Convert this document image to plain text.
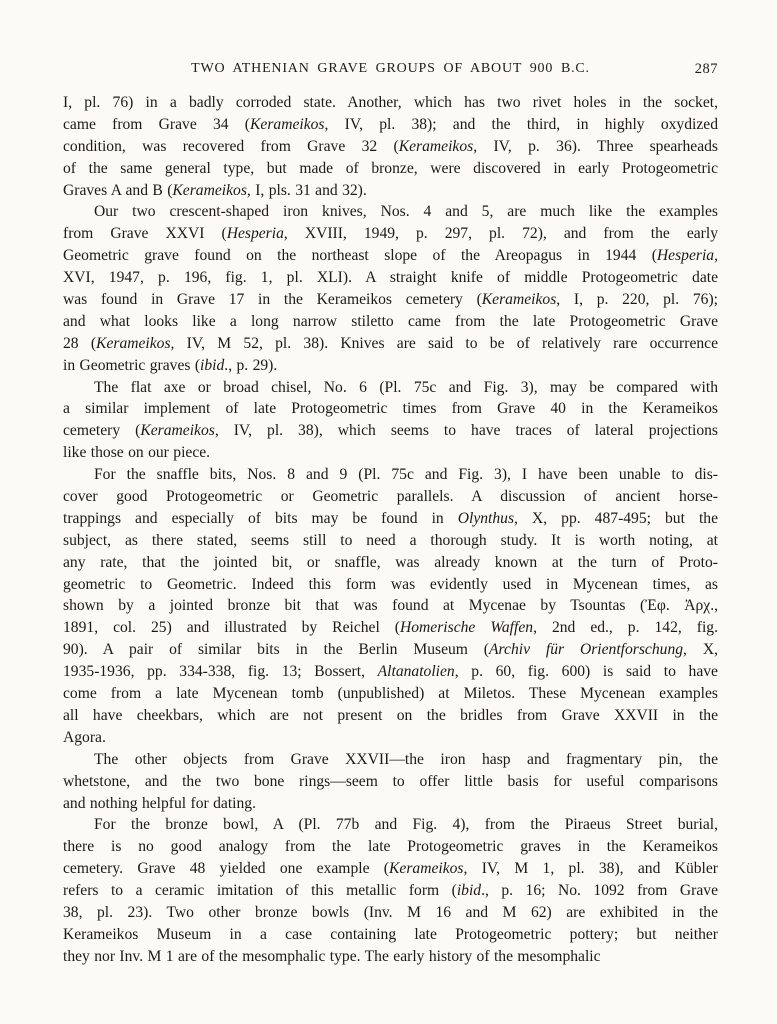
TWO ATHENIAN GRAVE GROUPS OF ABOUT 900 B.C.	287
I, pl. 76) in a badly corroded state. Another, which has two rivet holes in the socket,
came from Grave 34 (Kerameikos, IV, pl. 38); and the third, in highly oxydized
condition, was recovered from Grave 32 (Kerameikos, IV, p. 36). Three spearheads
of the same general type, but made of bronze, were discovered in early Protogeometric
Graves A and B (Kerameikos, I, pls. 31 and 32).
Our two crescent-shaped iron knives, Nos. 4 and 5, are much like the examples
from Grave XXVI (Hesperia, XVIII, 1949, p. 297, pl. 72), and from the early
Geometric grave found on the northeast slope of the Areopagus in 1944 (Hesperia,
XVI, 1947, p. 196, fig. 1, pl. XLI). A straight knife of middle Protogeometric date
was found in Grave 17 in the Kerameikos cemetery (Kerameikos, I, p. 220, pl. 76);
and what looks like a long narrow stiletto came from the late Protogeometric Grave
28 (Kerameikos, IV, M 52, pl. 38). Knives are said to be of relatively rare occurrence
in Geometric graves (ibid., p. 29).
The flat axe or broad chisel, No. 6 (Pl. 75c and Fig. 3), may be compared with
a similar implement of late Protogeometric times from Grave 40 in the Kerameikos
cemetery (Kerameikos, IV, pl. 38), which seems to have traces of lateral projections
like those on our piece.
For the snaffle bits, Nos. 8 and 9 (Pl. 75c and Fig. 3), I have been unable to dis-
cover good Protogeometric or Geometric parallels. A discussion of ancient horse-
trappings and especially of bits may be found in Olynthus, X, pp. 487-495; but the
subject, as there stated, seems still to need a thorough study. It is worth noting, at
any rate, that the jointed bit, or snaffle, was already known at the turn of Proto-
geometric to Geometric. Indeed this form was evidently used in Mycenean times, as
shown by a jointed bronze bit that was found at Mycenae by Tsountas (Ἐφ. Ἀρχ.,
1891, col. 25) and illustrated by Reichel (Homerische Waffen, 2nd ed., p. 142, fig.
90). A pair of similar bits in the Berlin Museum (Archiv für Orientforschung, X,
1935-1936, pp. 334-338, fig. 13; Bossert, Altanatolien, p. 60, fig. 600) is said to have
come from a late Mycenean tomb (unpublished) at Miletos. These Mycenean examples
all have cheekbars, which are not present on the bridles from Grave XXVII in the
Agora.
The other objects from Grave XXVII—the iron hasp and fragmentary pin, the
whetstone, and the two bone rings—seem to offer little basis for useful comparisons
and nothing helpful for dating.
For the bronze bowl, A (Pl. 77b and Fig. 4), from the Piraeus Street burial,
there is no good analogy from the late Protogeometric graves in the Kerameikos
cemetery. Grave 48 yielded one example (Kerameikos, IV, M 1, pl. 38), and Kübler
refers to a ceramic imitation of this metallic form (ibid., p. 16; No. 1092 from Grave
38, pl. 23). Two other bronze bowls (Inv. M 16 and M 62) are exhibited in the
Kerameikos Museum in a case containing late Protogeometric pottery; but neither
they nor Inv. M 1 are of the mesomphalic type. The early history of the mesomphalic
